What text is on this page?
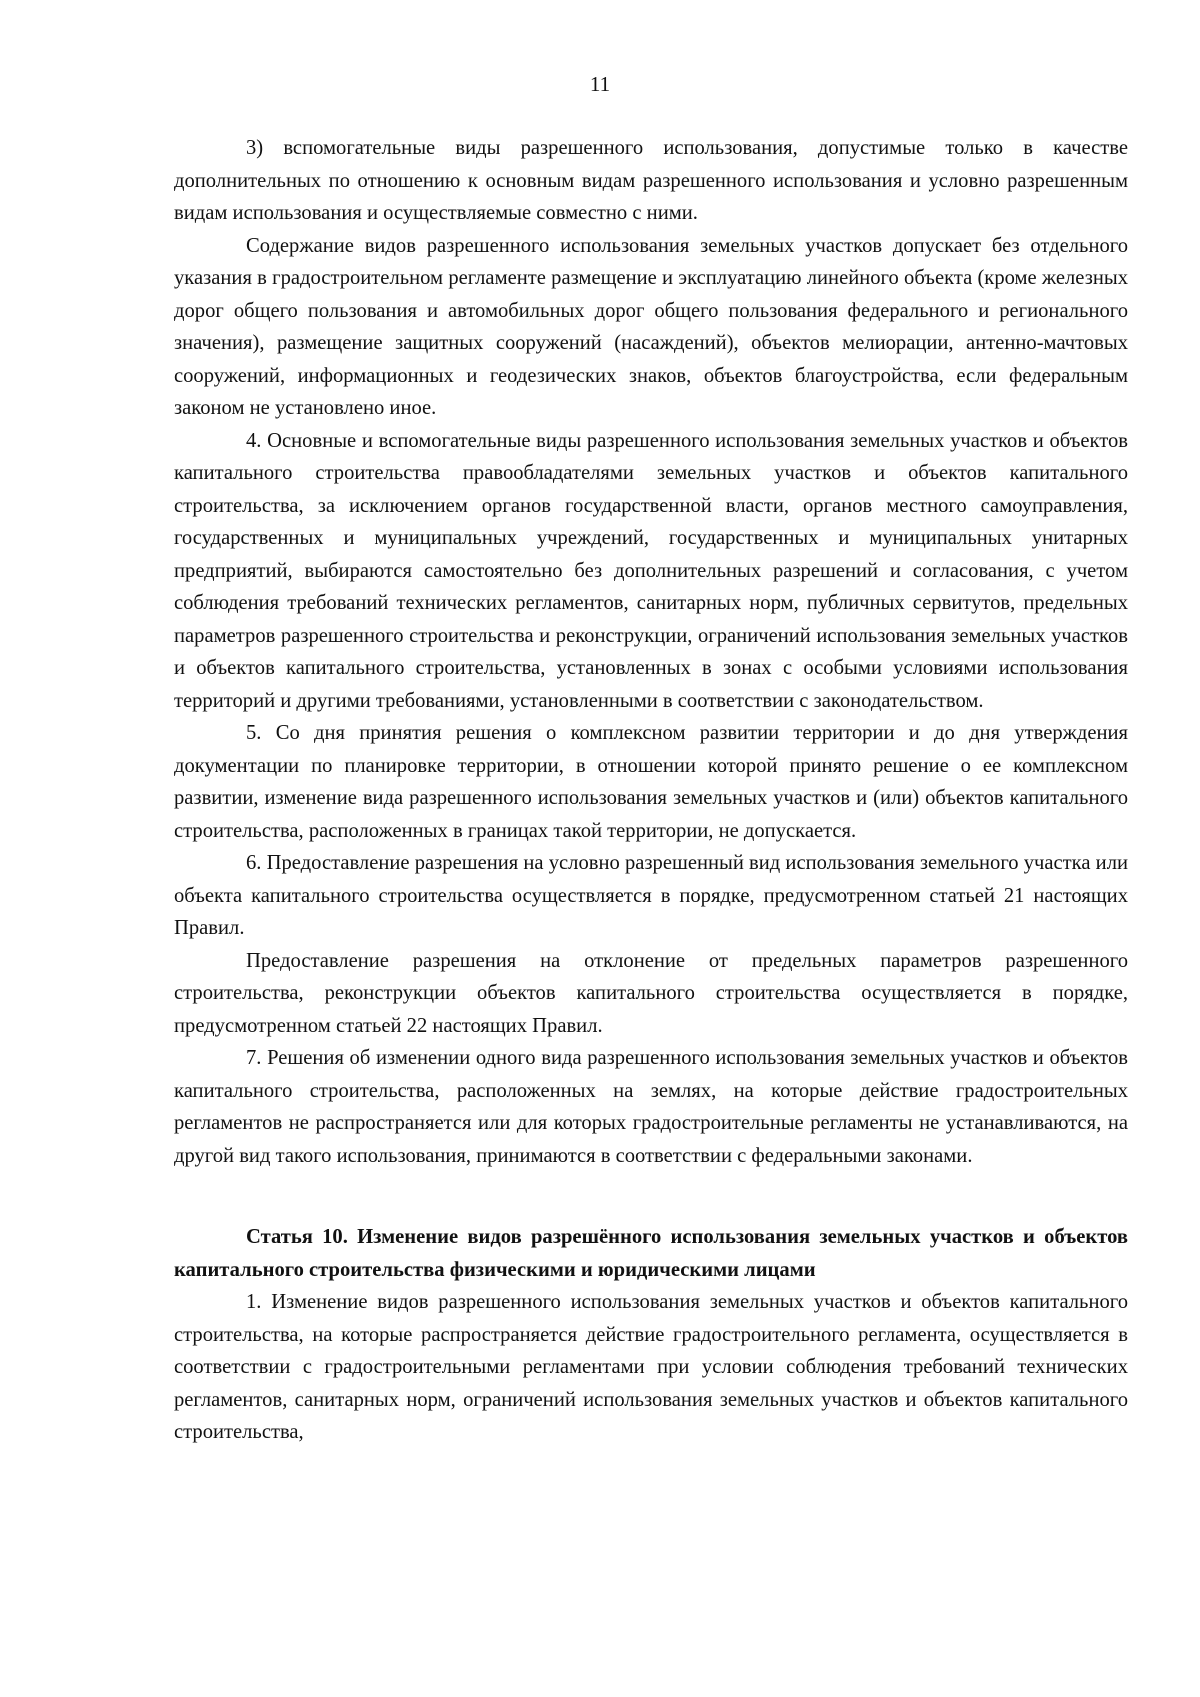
11

3) вспомогательные виды разрешенного использования, допустимые только в качестве дополнительных по отношению к основным видам разрешенного использования и условно разрешенным видам использования и осуществляемые совместно с ними.

Содержание видов разрешенного использования земельных участков допускает без отдельного указания в градостроительном регламенте размещение и эксплуатацию линейного объекта (кроме железных дорог общего пользования и автомобильных дорог общего пользования федерального и регионального значения), размещение защитных сооружений (насаждений), объектов мелиорации, антенно-мачтовых сооружений, информационных и геодезических знаков, объектов благоустройства, если федеральным законом не установлено иное.

4. Основные и вспомогательные виды разрешенного использования земельных участков и объектов капитального строительства правообладателями земельных участков и объектов капитального строительства, за исключением органов государственной власти, органов местного самоуправления, государственных и муниципальных учреждений, государственных и муниципальных унитарных предприятий, выбираются самостоятельно без дополнительных разрешений и согласования, с учетом соблюдения требований технических регламентов, санитарных норм, публичных сервитутов, предельных параметров разрешенного строительства и реконструкции, ограничений использования земельных участков и объектов капитального строительства, установленных в зонах с особыми условиями использования территорий и другими требованиями, установленными в соответствии с законодательством.

5. Со дня принятия решения о комплексном развитии территории и до дня утверждения документации по планировке территории, в отношении которой принято решение о ее комплексном развитии, изменение вида разрешенного использования земельных участков и (или) объектов капитального строительства, расположенных в границах такой территории, не допускается.

6. Предоставление разрешения на условно разрешенный вид использования земельного участка или объекта капитального строительства осуществляется в порядке, предусмотренном статьей 21 настоящих Правил.

Предоставление разрешения на отклонение от предельных параметров разрешенного строительства, реконструкции объектов капитального строительства осуществляется в порядке, предусмотренном статьей 22 настоящих Правил.

7. Решения об изменении одного вида разрешенного использования земельных участков и объектов капитального строительства, расположенных на землях, на которые действие градостроительных регламентов не распространяется или для которых градостроительные регламенты не устанавливаются, на другой вид такого использования, принимаются в соответствии с федеральными законами.

Статья 10. Изменение видов разрешённого использования земельных участков и объектов капитального строительства физическими и юридическими лицами

1. Изменение видов разрешенного использования земельных участков и объектов капитального строительства, на которые распространяется действие градостроительного регламента, осуществляется в соответствии с градостроительными регламентами при условии соблюдения требований технических регламентов, санитарных норм, ограничений использования земельных участков и объектов капитального строительства,
